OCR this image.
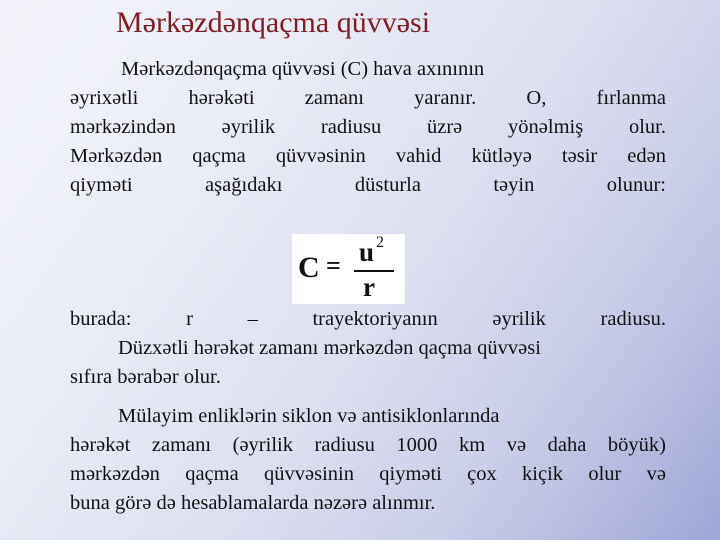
Mərkəzdənqaçma qüvvəsi
Mərkəzdənqaçma qüvvəsi (C) hava axınının
əyrixətli hərəkəti zamanı yaranır. O, fırlanma
mərkəzindən əyrilik radiusu üzrə yönəlmiş olur.
Mərkəzdən qaçma qüvvəsinin vahid kütləyə təsir edən
qiyməti aşağıdakı düsturla təyin olunur:
C = u 2
r
burada: r – trayektoriyanın əyrilik radiusu.
Düzxətli hərəkət zamanı mərkəzdən qaçma qüvvəsi
sıfıra bərabər olur.
Mülayim enliklərin siklon və antisiklonlarında
hərəkət zamanı (əyrilik radiusu 1000 km və daha böyük)
mərkəzdən qaçma qüvvəsinin qiyməti çox kiçik olur və
buna görə də hesablamalarda nəzərə alınmır.
